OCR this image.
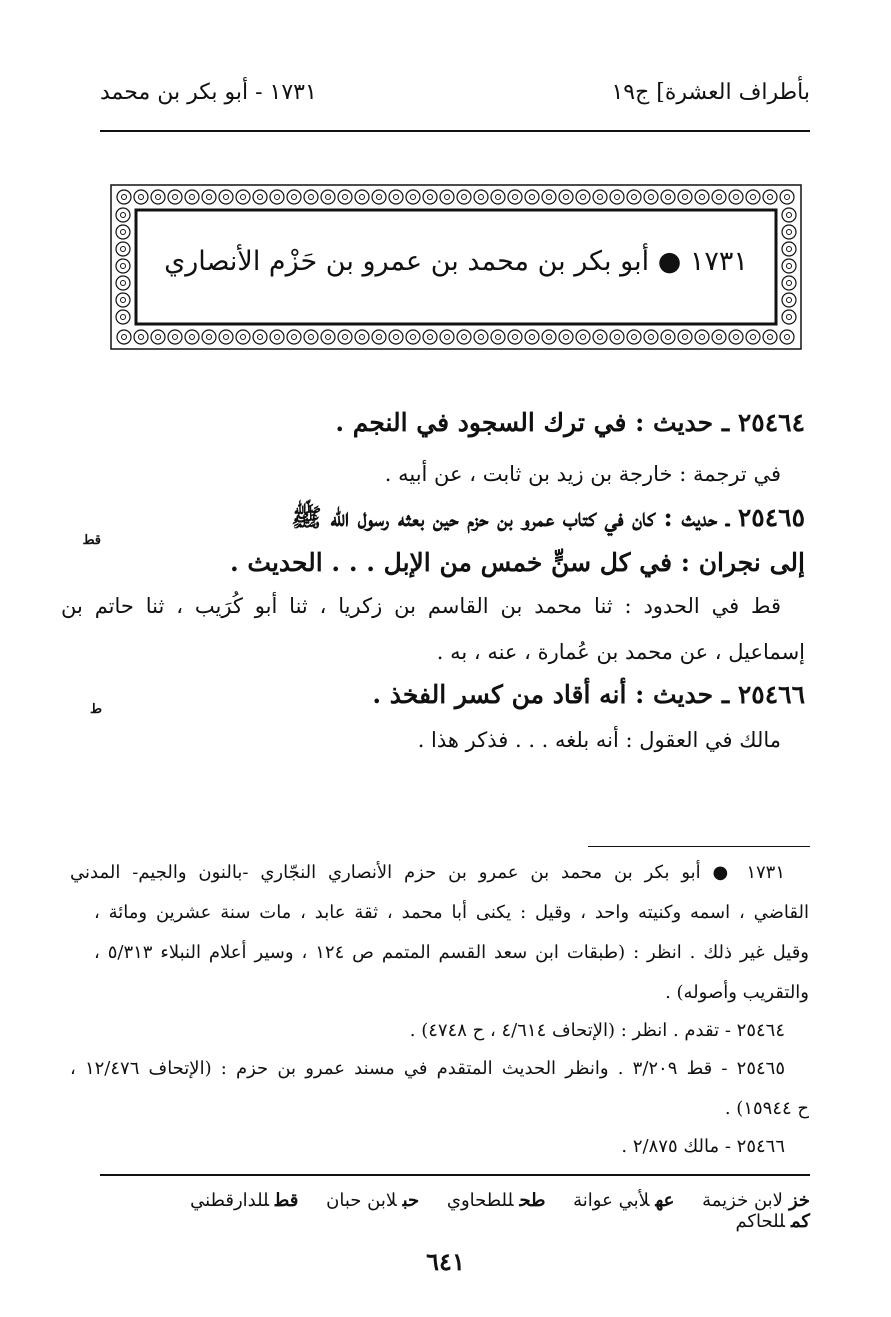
بأطراف العشرة] ج١٩
١٧٣١ - أبو بكر بن محمد
١٧٣١ ● أبو بكر بن محمد بن عمرو بن حَزْم الأنصاري
٢٥٤٦٤ ـ حديث : في ترك السجود في النجم .
في ترجمة : خارجة بن زيد بن ثابت ، عن أبيه .
٢٥٤٦٥ ـ حديث : كان في كتاب عمرو بن حزم حين بعثه رسول الله ﷺ
قط
إلى نجران : في كل سنٍّ خمس من الإبل . . . الحديث .
قط في الحدود : ثنا محمد بن القاسم بن زكريا ، ثنا أبو كُرَيب ، ثنا حاتم بن
إسماعيل ، عن محمد بن عُمارة ، عنه ، به .
٢٥٤٦٦ ـ حديث : أنه أقاد من كسر الفخذ .
ط
مالك في العقول : أنه بلغه . . . فذكر هذا .
١٧٣١ ● أبو بكر بن محمد بن عمرو بن حزم الأنصاري النجّاري -بالنون والجيم- المدني
القاضي ، اسمه وكنيته واحد ، وقيل : يكنى أبا محمد ، ثقة عابد ، مات سنة عشرين ومائة ،
وقيل غير ذلك . انظر : (طبقات ابن سعد القسم المتمم ص ١٢٤ ، وسير أعلام النبلاء ٥/٣١٣ ،
والتقريب وأصوله) .
٢٥٤٦٤ - تقدم . انظر : (الإتحاف ٤/٦١٤ ، ح ٤٧٤٨) .
٢٥٤٦٥ - قط ٣/٢٠٩ . وانظر الحديث المتقدم في مسند عمرو بن حزم : (الإتحاف ١٢/٤٧٦ ،
ح ١٥٩٤٤) .
٢٥٤٦٦ - مالك ٢/٨٧٥ .
خزلابن خزيمة عهلأبي عوانة طحللطحاوي حبلابن حبان قطللدارقطني كمللحاكم
٦٤١
